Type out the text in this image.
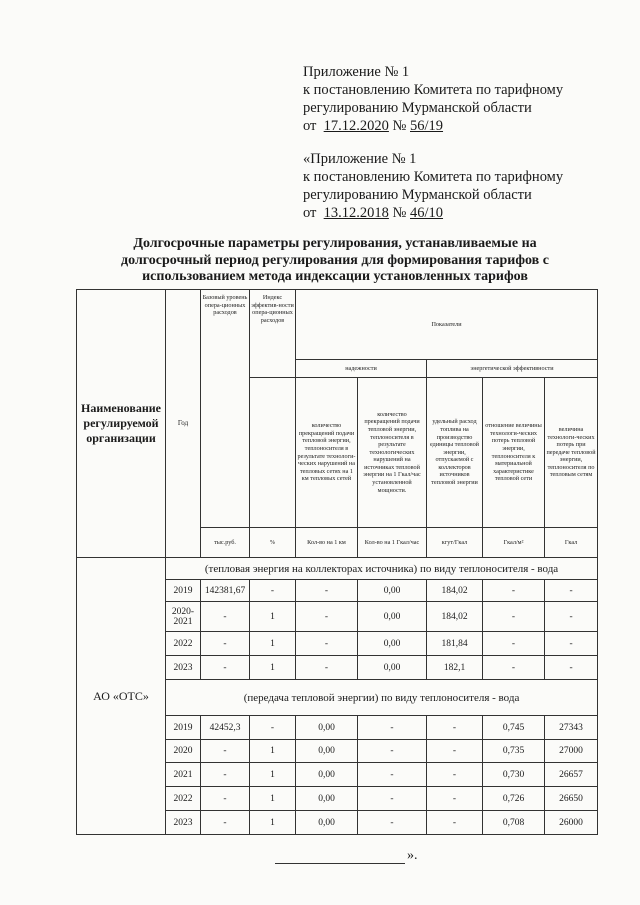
Приложение № 1
к постановлению Комитета по тарифному
регулированию Мурманской области
от 17.12.2020 № 56/19
«Приложение № 1
к постановлению Комитета по тарифному
регулированию Мурманской области
от 13.12.2018 № 46/10
Долгосрочные параметры регулирования, устанавливаемые на
долгосрочный период регулирования для формирования тарифов с
использованием метода индексации установленных тарифов
Наименование регулируемой организации	Год	Базовый уровень опера-ционных расходов	Индекс эффектив-ности опера-ционных расходов	Показатели				
				надежности		энергетической эффективности		
				количество прекращений подачи тепловой энергии, теплоносителя в результате технологи-ческих нарушений на тепловых сетях на 1 км тепловых сетей	количество прекращений подачи тепловой энергии, теплоносителя в результате технологических нарушений на источниках тепловой энергии на 1 Гкал/час установленной мощности.	удельный расход топлива на производство единицы тепловой энергии, отпускаемой с коллекторов источников тепловой энергии	отношение величины технологи-ческих потерь тепловой энергии, теплоносителя к материальной характеристике тепловой сети	величина технологи-ческих потерь при передаче тепловой энергии, теплоносителя по тепловым сетям
		тыс.руб.	%	Кол-во на 1 км	Кол-во на 1 Гкал/час	кгут/Гкал	Гкал/м²	Гкал
АО «ОТС»	(тепловая энергия на коллекторах источника) по виду теплоносителя - вода							
	2019	142381,67	-	-	0,00	184,02	-	-
	2020-2021	-	1	-	0,00	184,02	-	-
	2022	-	1	-	0,00	181,84	-	-
	2023	-	1	-	0,00	182,1	-	-
	(передача тепловой энергии) по виду теплоносителя - вода							
	2019	42452,3	-	0,00	-	-	0,745	27343
	2020	-	1	0,00	-	-	0,735	27000
	2021	-	1	0,00	-	-	0,730	26657
	2022	-	1	0,00	-	-	0,726	26650
	2023	-	1	0,00	-	-	0,708	26000
».
